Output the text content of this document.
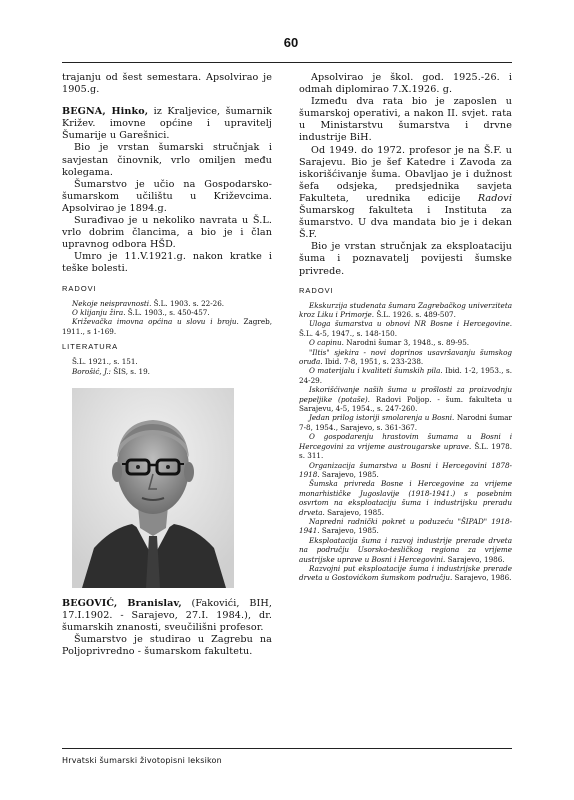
60

trajanju od šest semestara. Apsolvirao je 1905.g.

BEGNA, Hinko, iz Kraljevice, šumarnik Križev. imovne općine i upravitelj Šumarije u Garešnici.

Bio je vrstan šumarski stručnjak i savjestan činovnik, vrlo omiljen među kolegama.

Šumarstvo je učio na Gospodarsko-šumarskom učilištu u Križevcima. Apsolvirao je 1894.g.

Surađivao je u nekoliko navrata u Š.L. vrlo dobrim člancima, a bio je i član upravnog odbora HŠD.

Umro je 11.V.1921.g. nakon kratke i teške bolesti.

RADOVI

Nekoje neispravnosti. Š.L. 1903. s. 22-26.

O klijanju žira. Š.L. 1903., s. 450-457.

Križevačka imovna općina u slovu i broju. Zagreb, 1911., s 1-169.

LITERATURA

Š.L. 1921., s. 151.

Borošić, J.: ŠIS, s. 19.

BEGOVIĆ, Branislav, (Fakovići, BIH, 17.I.1902. - Sarajevo, 27.I. 1984.), dr. šumarskih znanosti, sveučilišni profesor.

Šumarstvo je studirao u Zagrebu na Poljoprivredno - šumarskom fakultetu.

Apsolvirao je škol. god. 1925.-26. i odmah diplomirao 7.X.1926. g.

Između dva rata bio je zaposlen u šumarskoj operativi, a nakon II. svjet. rata u Ministarstvu šumarstva i drvne industrije BiH.

Od 1949. do 1972. profesor je na Š.F. u Sarajevu. Bio je šef Katedre i Zavoda za iskorišćivanje šuma. Obavljao je i dužnost šefa odsjeka, predsjednika savjeta Fakulteta, urednika edicije Radovi Šumarskog fakulteta i Instituta za šumarstvo. U dva mandata bio je i dekan Š.F.

Bio je vrstan stručnjak za eksploataciju šuma i poznavatelj povijesti šumske privrede.

RADOVI

Ekskurzija studenata šumara Zagrebačkog univerziteta kroz Liku i Primorje. Š.L. 1926. s. 489-507.

Uloga šumarstva u obnovi NR Bosne i Hercegovine. Š.L. 4-5, 1947., s. 148-150.

O capinu. Narodni šumar 3, 1948., s. 89-95.

"Iltis" sjekira - novi doprinos usavršavanju šumskog oruđa. Ibid. 7-8, 1951, s. 233-238.

O materijalu i kvaliteti šumskih pila. Ibid. 1-2, 1953., s. 24-29.

Iskorišćivanje naših šuma u prošlosti za proizvodnju pepeljike (potaše). Radovi Poljop. - šum. fakulteta u Sarajevu, 4-5, 1954., s. 247-260.

Jedan prilog istoriji smolarenja u Bosni. Narodni šumar 7-8, 1954., Sarajevo, s. 361-367.

O gospodarenju hrastovim šumama u Bosni i Hercegovini za vrijeme austrougarske uprave. Š.L. 1978. s. 311.

Organizacija šumarstva u Bosni i Hercegovini 1878-1918. Sarajevo, 1985.

Šumska privreda Bosne i Hercegovine za vrijeme monarhističke Jugoslavije (1918-1941.) s posebnim osvrtom na eksploataciju šuma i industrijsku preradu drveta. Sarajevo, 1985.

Napredni radnički pokret u poduzeću "ŠIPAD" 1918-1941. Sarajevo, 1985.

Eksploatacija šuma i razvoj industrije prerade drveta na području Usorsko-tesličkog regiona za vrijeme austrijske uprave u Bosni i Hercegovini. Sarajevo, 1986.

Razvojni put eksploatacije šuma i industrijske prerade drveta u Gostovićkom šumskom području. Sarajevo, 1986.

Hrvatski šumarski životopisni leksikon
